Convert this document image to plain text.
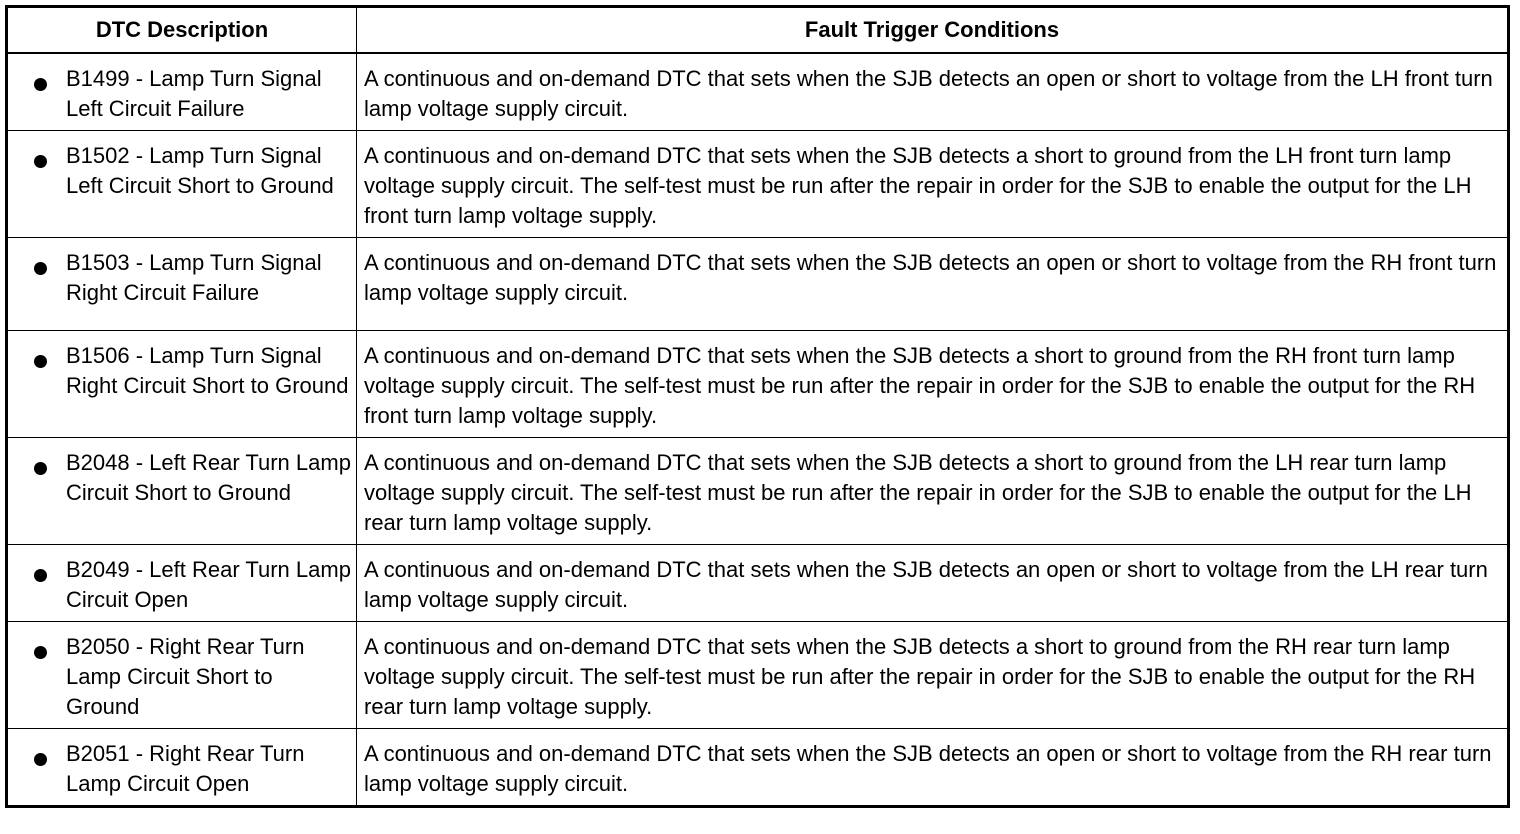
DTC Description	Fault Trigger Conditions

B1499 - Lamp Turn Signal Left Circuit Failure	A continuous and on-demand DTC that sets when the SJB detects an open or short to voltage from the LH front turn lamp voltage supply circuit.

B1502 - Lamp Turn Signal Left Circuit Short to Ground	A continuous and on-demand DTC that sets when the SJB detects a short to ground from the LH front turn lamp voltage supply circuit. The self-test must be run after the repair in order for the SJB to enable the output for the LH front turn lamp voltage supply.

B1503 - Lamp Turn Signal Right Circuit Failure	A continuous and on-demand DTC that sets when the SJB detects an open or short to voltage from the RH front turn lamp voltage supply circuit.

B1506 - Lamp Turn Signal Right Circuit Short to Ground	A continuous and on-demand DTC that sets when the SJB detects a short to ground from the RH front turn lamp voltage supply circuit. The self-test must be run after the repair in order for the SJB to enable the output for the RH front turn lamp voltage supply.

B2048 - Left Rear Turn Lamp Circuit Short to Ground	A continuous and on-demand DTC that sets when the SJB detects a short to ground from the LH rear turn lamp voltage supply circuit. The self-test must be run after the repair in order for the SJB to enable the output for the LH rear turn lamp voltage supply.

B2049 - Left Rear Turn Lamp Circuit Open	A continuous and on-demand DTC that sets when the SJB detects an open or short to voltage from the LH rear turn lamp voltage supply circuit.

B2050 - Right Rear Turn Lamp Circuit Short to Ground	A continuous and on-demand DTC that sets when the SJB detects a short to ground from the RH rear turn lamp voltage supply circuit. The self-test must be run after the repair in order for the SJB to enable the output for the RH rear turn lamp voltage supply.

B2051 - Right Rear Turn Lamp Circuit Open	A continuous and on-demand DTC that sets when the SJB detects an open or short to voltage from the RH rear turn lamp voltage supply circuit.
